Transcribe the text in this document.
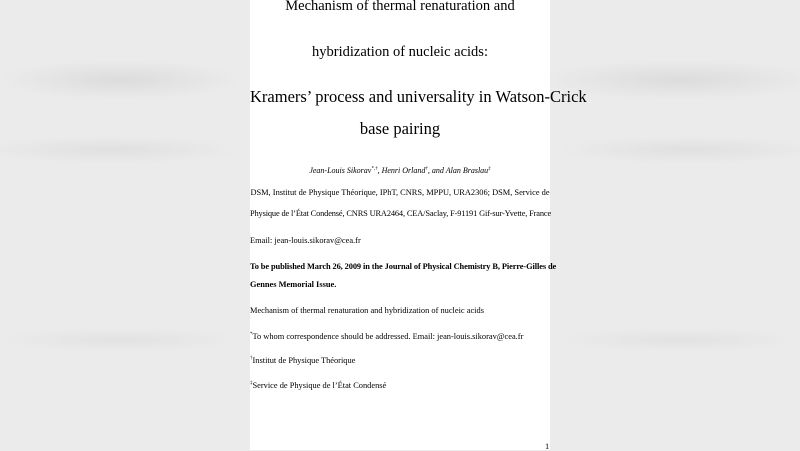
Mechanism of thermal renaturation and
hybridization of nucleic acids:
Kramers’ process and universality in Watson-Crick
base pairing
Jean-Louis Sikorav*,†, Henri Orland†, and Alan Braslau‡
DSM, Institut de Physique Théorique, IPhT, CNRS, MPPU, URA2306; DSM, Service de
Physique de l’État Condensé, CNRS URA2464, CEA/Saclay, F-91191 Gif-sur-Yvette, France
Email: jean-louis.sikorav@cea.fr
To be published March 26, 2009 in the Journal of Physical Chemistry B, Pierre-Gilles de
Gennes Memorial Issue.
Mechanism of thermal renaturation and hybridization of nucleic acids
*To whom correspondence should be addressed. Email: jean-louis.sikorav@cea.fr
†Institut de Physique Théorique
‡Service de Physique de l’État Condensé
1
